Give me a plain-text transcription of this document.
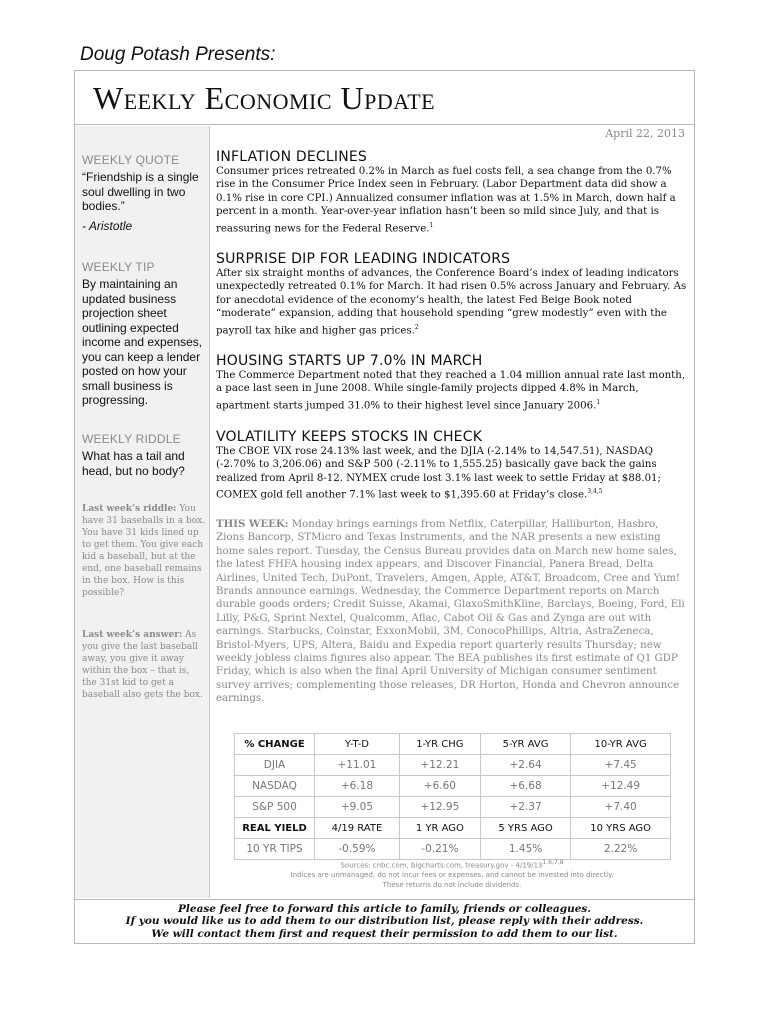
Doug Potash Presents:
Weekly Economic Update
WEEKLY QUOTE
“Friendship is a single soul dwelling in two bodies.”
- Aristotle
WEEKLY TIP
By maintaining an updated business projection sheet outlining expected income and expenses, you can keep a lender posted on how your small business is progressing.
WEEKLY RIDDLE
What has a tail and head, but no body?
Last week’s riddle: You have 31 baseballs in a box. You have 31 kids lined up to get them. You give each kid a baseball, but at the end, one baseball remains in the box. How is this possible?
Last week’s answer: As you give the last baseball away, you give it away within the box – that is, the 31st kid to get a baseball also gets the box.
April 22, 2013
INFLATION DECLINES
Consumer prices retreated 0.2% in March as fuel costs fell, a sea change from the 0.7% rise in the Consumer Price Index seen in February. (Labor Department data did show a 0.1% rise in core CPI.) Annualized consumer inflation was at 1.5% in March, down half a percent in a month. Year-over-year inflation hasn’t been so mild since July, and that is reassuring news for the Federal Reserve.$^1$
SURPRISE DIP FOR LEADING INDICATORS
After six straight months of advances, the Conference Board’s index of leading indicators unexpectedly retreated 0.1% for March. It had risen 0.5% across January and February. As for anecdotal evidence of the economy’s health, the latest Fed Beige Book noted “moderate” expansion, adding that household spending “grew modestly” even with the payroll tax hike and higher gas prices.$^2$
HOUSING STARTS UP 7.0% IN MARCH
The Commerce Department noted that they reached a 1.04 million annual rate last month, a pace last seen in June 2008. While single-family projects dipped 4.8% in March, apartment starts jumped 31.0% to their highest level since January 2006.$^1$
VOLATILITY KEEPS STOCKS IN CHECK
The CBOE VIX rose 24.13% last week, and the DJIA (-2.14% to 14,547.51), NASDAQ (-2.70% to 3,206.06) and S&P 500 (-2.11% to 1,555.25) basically gave back the gains realized from April 8-12. NYMEX crude lost 3.1% last week to settle Friday at $88.01; COMEX gold fell another 7.1% last week to $1,395.60 at Friday’s close.$^{3,4,5}$
THIS WEEK: Monday brings earnings from Netflix, Caterpillar, Halliburton, Hasbro, Zions Bancorp, STMicro and Texas Instruments, and the NAR presents a new existing home sales report. Tuesday, the Census Bureau provides data on March new home sales, the latest FHFA housing index appears, and Discover Financial, Panera Bread, Delta Airlines, United Tech, DuPont, Travelers, Amgen, Apple, AT&T, Broadcom, Cree and Yum! Brands announce earnings. Wednesday, the Commerce Department reports on March durable goods orders; Credit Suisse, Akamai, GlaxoSmithKline, Barclays, Boeing, Ford, Eli Lilly, P&G, Sprint Nextel, Qualcomm, Aflac, Cabot Oil & Gas and Zynga are out with earnings. Starbucks, Coinstar, ExxonMobil, 3M, ConocoPhillips, Altria, AstraZeneca, Bristol-Myers, UPS, Altera, Baidu and Expedia report quarterly results Thursday; new weekly jobless claims figures also appear. The BEA publishes its first estimate of Q1 GDP Friday, which is also when the final April University of Michigan consumer sentiment survey arrives; complementing those releases, DR Horton, Honda and Chevron announce earnings.
% CHANGE	Y-T-D	1-YR CHG	5-YR AVG	10-YR AVG
DJIA	+11.01	+12.21	+2.64	+7.45
NASDAQ	+6.18	+6.60	+6.68	+12.49
S&P 500	+9.05	+12.95	+2.37	+7.40
REAL YIELD	4/19 RATE	1 YR AGO	5 YRS AGO	10 YRS AGO
10 YR TIPS	-0.59%	-0.21%	1.45%	2.22%
Sources: cnbc.com, bigcharts.com, treasury.gov - 4/19/13$^{1,6,7,8}$
Indices are unmanaged, do not incur fees or expenses, and cannot be invested into directly.
These returns do not include dividends.
Please feel free to forward this article to family, friends or colleagues.
If you would like us to add them to our distribution list, please reply with their address.
We will contact them first and request their permission to add them to our list.
